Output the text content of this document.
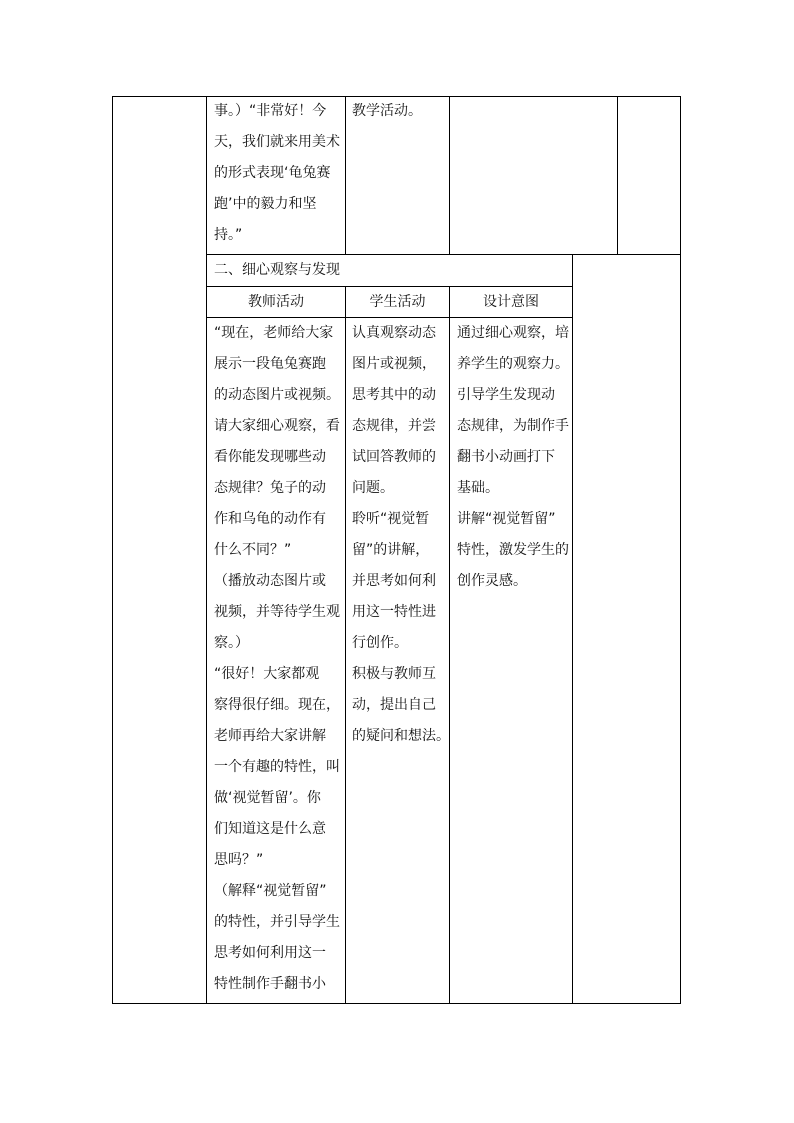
事。）“非常好！今
天，我们就来用美术
的形式表现‘龟兔赛
跑’中的毅力和坚
持。”
教学活动。
二、细心观察与发现
教师活动	学生活动	设计意图
“现在，老师给大家
展示一段龟兔赛跑
的动态图片或视频。
请大家细心观察，看
看你能发现哪些动
态规律？兔子的动
作和乌龟的动作有
什么不同？”
（播放动态图片或
视频，并等待学生观
察。）
“很好！大家都观
察得很仔细。现在，
老师再给大家讲解
一个有趣的特性，叫
做‘视觉暂留’。你
们知道这是什么意
思吗？”
（解释“视觉暂留”
的特性，并引导学生
思考如何利用这一
特性制作手翻书小
认真观察动态
图片或视频，
思考其中的动
态规律，并尝
试回答教师的
问题。
聆听“视觉暂
留”的讲解，
并思考如何利
用这一特性进
行创作。
积极与教师互
动，提出自己
的疑问和想法。
通过细心观察，培
养学生的观察力。
引导学生发现动
态规律，为制作手
翻书小动画打下
基础。
讲解“视觉暂留”
特性，激发学生的
创作灵感。
